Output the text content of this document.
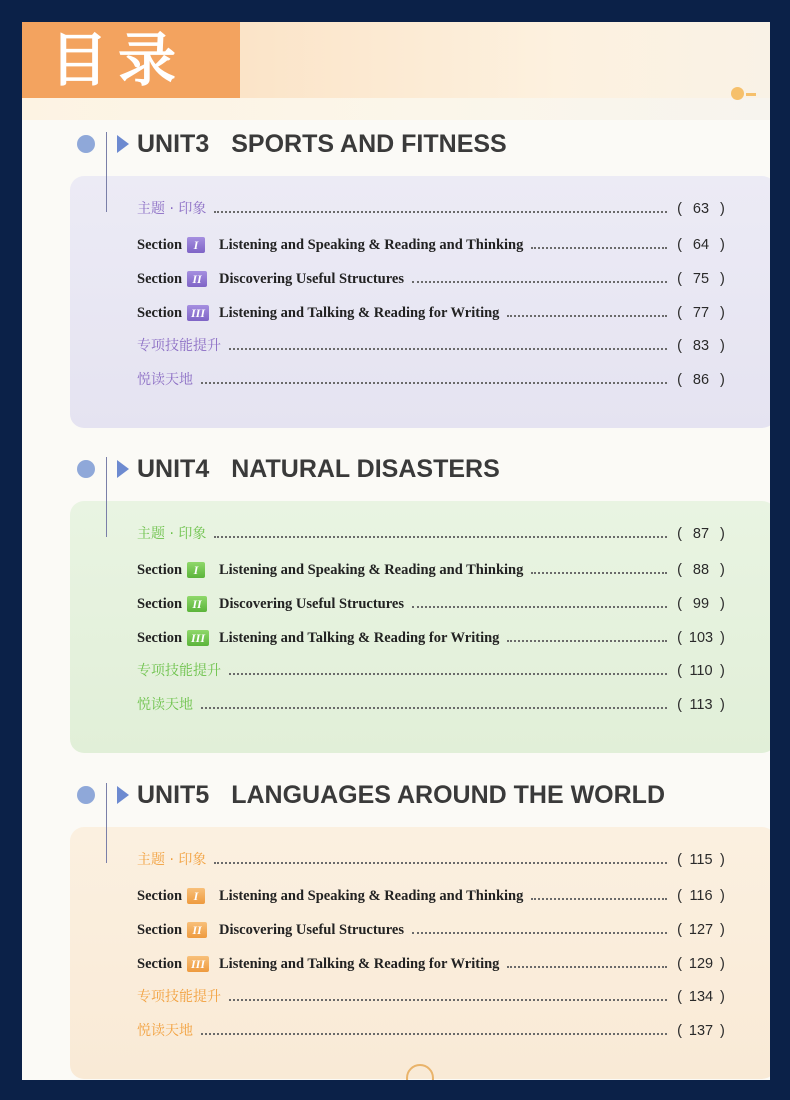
目录
UNIT3 SPORTS AND FITNESS
主题 · 印象	( 63 )
Section I	Listening and Speaking & Reading and Thinking	( 64 )
Section II	Discovering Useful Structures	( 75 )
Section III Listening and Talking & Reading for Writing	( 77 )
专项技能提升	( 83 )
悦读天地	( 86 )
UNIT4 NATURAL DISASTERS
主题 · 印象	( 87 )
Section I	Listening and Speaking & Reading and Thinking	( 88 )
Section II	Discovering Useful Structures	( 99 )
Section III Listening and Talking & Reading for Writing	( 103 )
专项技能提升	( 110 )
悦读天地	( 113 )
UNIT5 LANGUAGES AROUND THE WORLD
主题 · 印象	( 115 )
Section I	Listening and Speaking & Reading and Thinking	( 116 )
Section II	Discovering Useful Structures	( 127 )
Section III Listening and Talking & Reading for Writing	( 129 )
专项技能提升	( 134 )
悦读天地	( 137 )
